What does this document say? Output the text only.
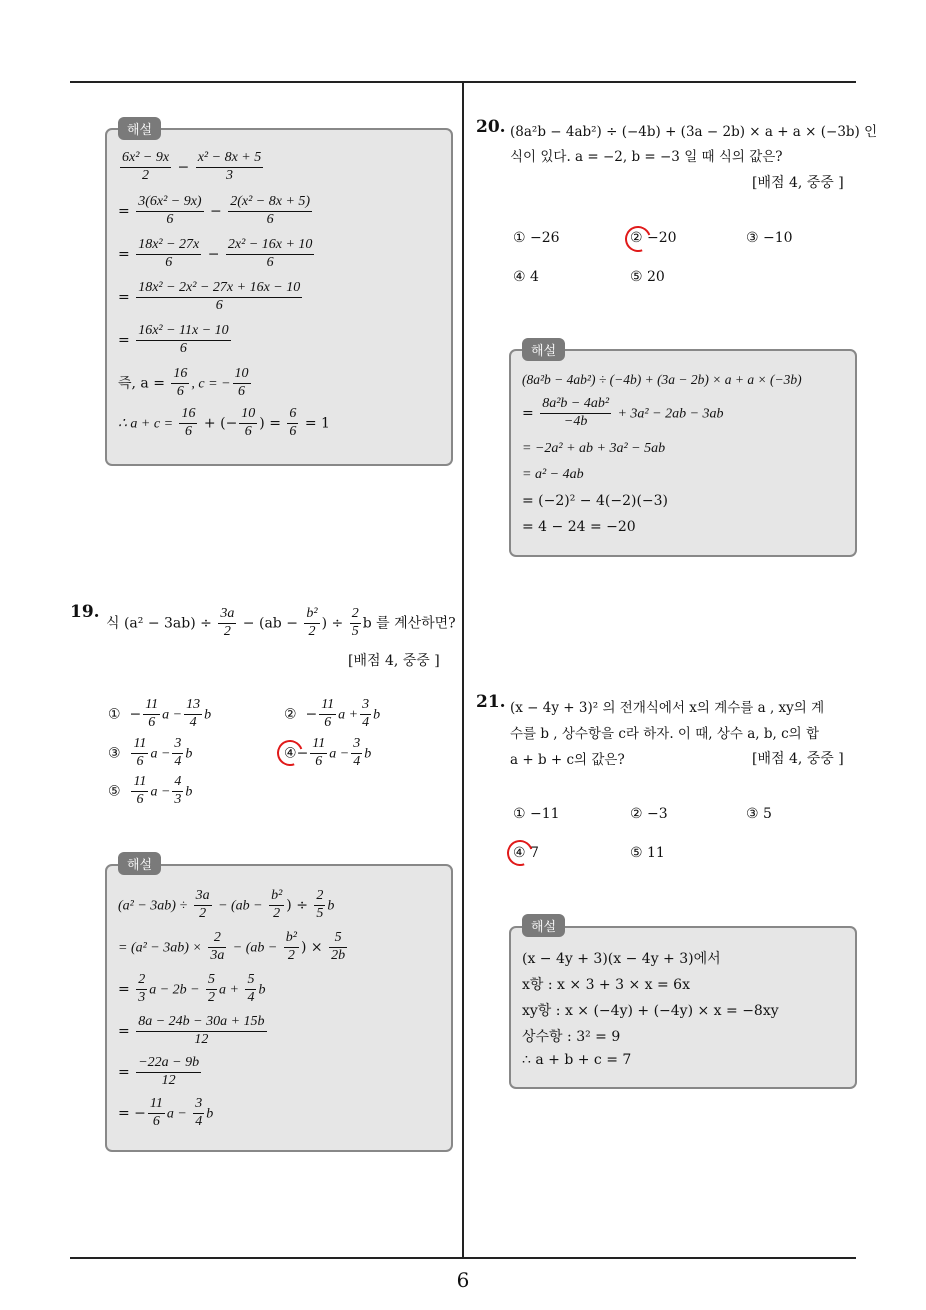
6
해설
$\frac{\text{6x² − 9x}}{2} - \frac{\text{x² − 8x + 5}}{3}$
= $\frac{\text{3(6x² − 9x)}}{6} - \frac{\text{2(x² − 8x + 5)}}{6}$
= $\frac{\text{18x² − 27x}}{6} - \frac{\text{2x² − 16x + 10}}{6}$
= $\frac{\text{18x² − 2x² − 27x + 16x − 10}}{6}$
= $\frac{\text{16x² − 11x − 10}}{6}$
즉, $a = \frac{16}{6}$ , c = − $\frac{10}{6}$
∴ $a + c = \frac{16}{6}$ + (− $\frac{10}{6}$ ) = $\frac{6}{6} = 1$
19.
식 $(a^2 - 3ab) \div \frac{3a}{2} - (ab - \frac{\text{b²}}{2}$ ) ÷ $\frac{2}{5}$ b 를 계산하면?
[배점 4, 중중 ]
① − $\frac{11}{6}$ $a - \frac{13}{4}$ b	② − $\frac{11}{6}$ $a + \frac{3}{4}$ b
③ $\frac{11}{6}$ $a - \frac{3}{4}$ b	④− $\frac{11}{6}$ $a - \frac{3}{4}$ b
⑤ $\frac{11}{6}$ $a - \frac{4}{3}$ b
해설
$(a^2 - 3ab) \div \frac{3a}{2} - (ab - \frac{\text{b²}}{2}$ ) ÷ $\frac{2}{5}$ b
= $(a^2 - 3ab) \times \frac{2}{3a} - (ab - \frac{\text{b²}}{2}$ ) × $\frac{5}{2b}$
= $\frac{2}{3}$ $a - 2b - \frac{5}{2}$ $a + \frac{5}{4}$ b
= $\frac{8a - 24b - 30a + 15b}{12}$
= $\frac{-22a - 9b}{12}$
= − $\frac{11}{6}$ $a - \frac{3}{4}$ b
20. (8a²b − 4ab²) ÷ (−4b) + (3a − 2b) × a + a × (−3b) 인
식이 있다. a = −2, b = −3 일 때 식의 값은?
[배점 4, 중중 ]
① −26	② −20	③ −10
④ 4	⑤ 20
해설
(8a²b − 4ab²) ÷ (−4b) + (3a − 2b) × a + a × (−3b)
= $\frac{\text{8a²b − 4ab²}}{-4b} + 3a^2 - 2ab - 3ab$
= −2a² + ab + 3a² − 5ab
= a² − 4ab
= (−2)² − 4(−2)(−3)
= 4 − 24 = −20
21. (x − 4y + 3)² 의 전개식에서 x의 계수를 a , xy의 계
수를 b , 상수항을 c라 하자. 이 때, 상수 a, b, c의 합
a + b + c의 값은?	[배점 4, 중중 ]
① −11	② −3	③ 5
④ 7	⑤ 11
해설
(x − 4y + 3)(x − 4y + 3)에서
x항 : x × 3 + 3 × x = 6x
xy항 : x × (−4y) + (−4y) × x = −8xy
상수항 : 3² = 9
∴ a + b + c = 7
